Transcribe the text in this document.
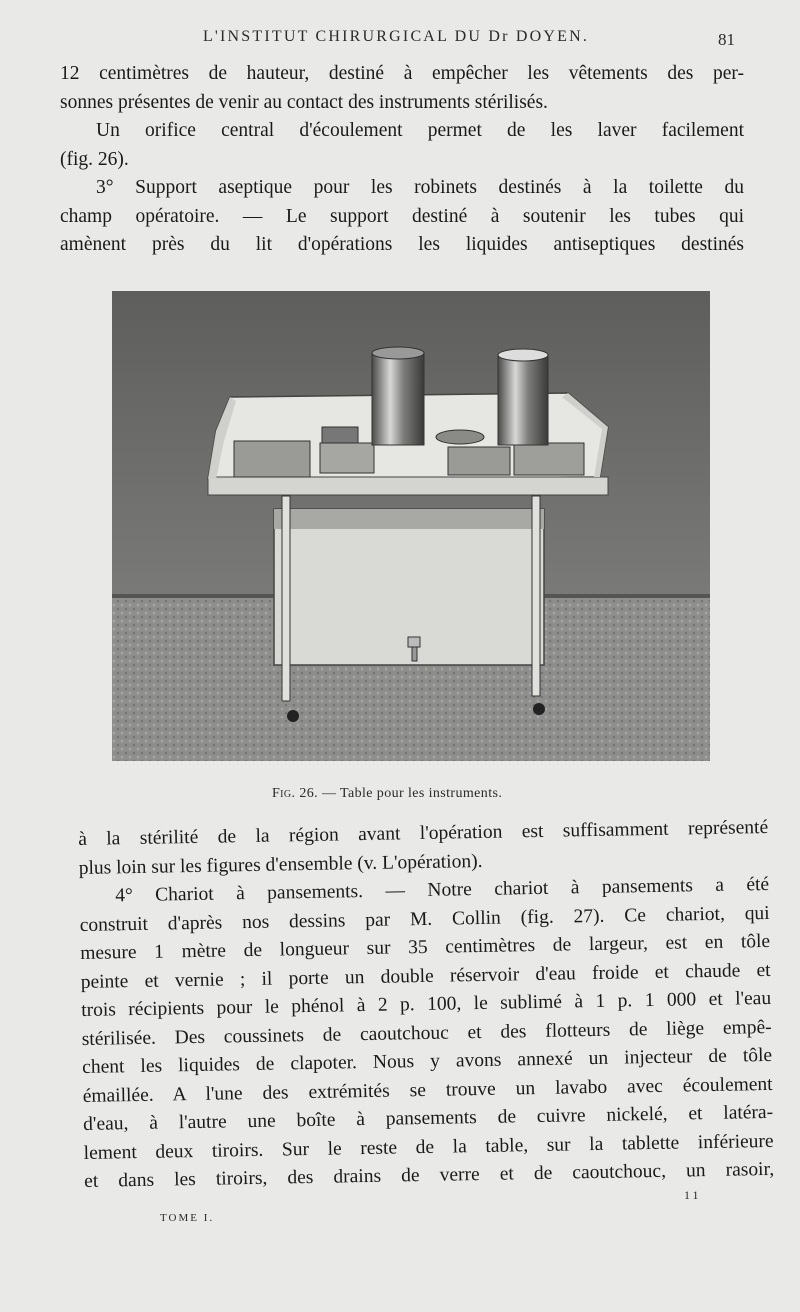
L'INSTITUT CHIRURGICAL DU Dr DOYEN.	81
12 centimètres de hauteur, destiné à empêcher les vêtements des per-
sonnes présentes de venir au contact des instruments stérilisés.
Un orifice central d'écoulement permet de les laver facilement
(fig. 26).
3° Support aseptique pour les robinets destinés à la toilette du
champ opératoire. — Le support destiné à soutenir les tubes qui
amènent près du lit d'opérations les liquides antiseptiques destinés
Fig. 26. — Table pour les instruments.
à la stérilité de la région avant l'opération est suffisamment représenté
plus loin sur les figures d'ensemble (v. L'opération).
4° Chariot à pansements. — Notre chariot à pansements a été
construit d'après nos dessins par M. Collin (fig. 27). Ce chariot, qui
mesure 1 mètre de longueur sur 35 centimètres de largeur, est en tôle
peinte et vernie ; il porte un double réservoir d'eau froide et chaude et
trois récipients pour le phénol à 2 p. 100, le sublimé à 1 p. 1 000 et l'eau
stérilisée. Des coussinets de caoutchouc et des flotteurs de liège empê-
chent les liquides de clapoter. Nous y avons annexé un injecteur de tôle
émaillée. A l'une des extrémités se trouve un lavabo avec écoulement
d'eau, à l'autre une boîte à pansements de cuivre nickelé, et latéra-
lement deux tiroirs. Sur le reste de la table, sur la tablette inférieure
et dans les tiroirs, des drains de verre et de caoutchouc, un rasoir,
11
TOME I.
